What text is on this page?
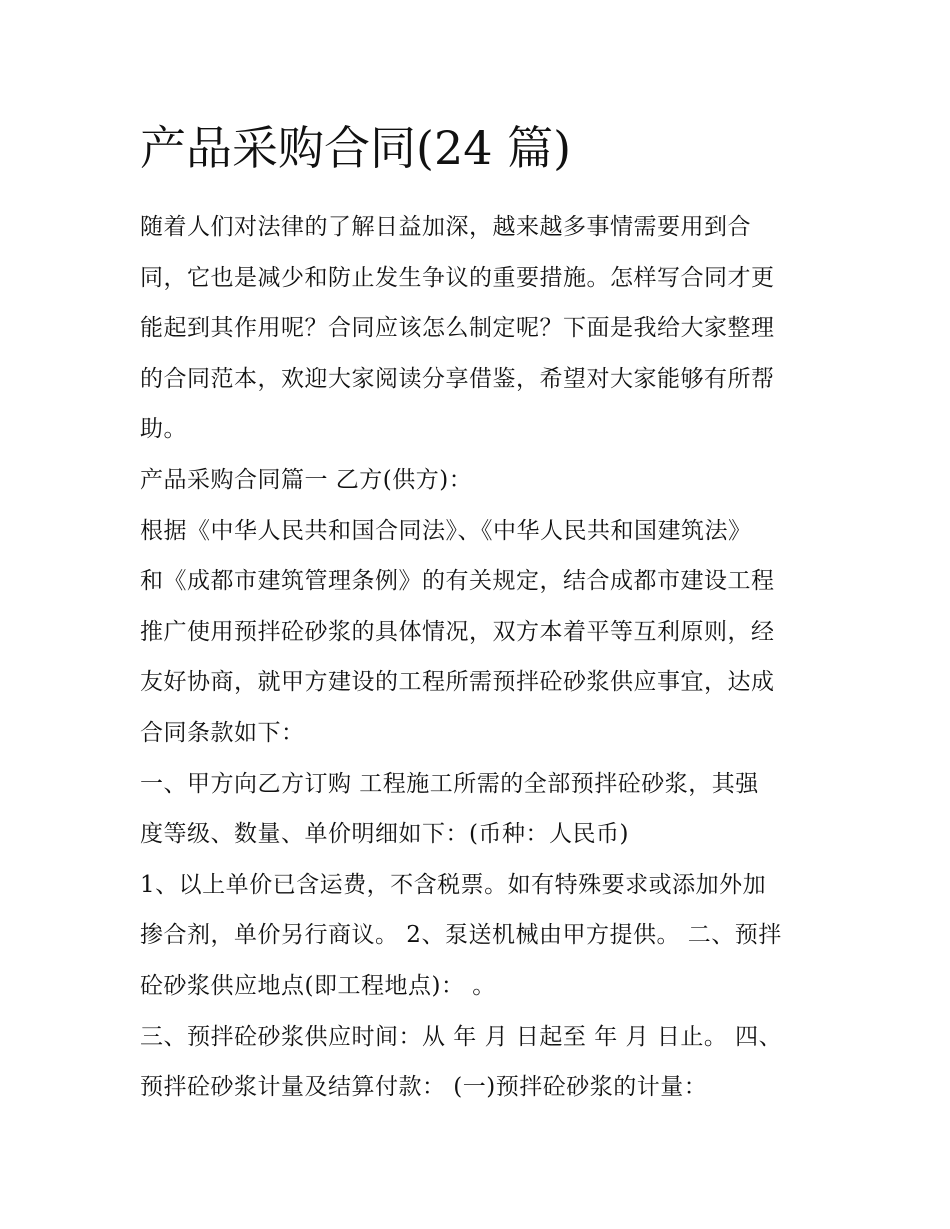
产品采购合同(24 篇)

随着人们对法律的了解日益加深，越来越多事情需要用到合
同，它也是减少和防止发生争议的重要措施。怎样写合同才更
能起到其作用呢？合同应该怎么制定呢？下面是我给大家整理
的合同范本，欢迎大家阅读分享借鉴，希望对大家能够有所帮
助。

产品采购合同篇一 乙方(供方)：

根据《中华人民共和国合同法》、《中华人民共和国建筑法》
和《成都市建筑管理条例》的有关规定，结合成都市建设工程
推广使用预拌砼砂浆的具体情况，双方本着平等互利原则，经
友好协商，就甲方建设的工程所需预拌砼砂浆供应事宜，达成
合同条款如下：

一、甲方向乙方订购 工程施工所需的全部预拌砼砂浆，其强
度等级、数量、单价明细如下：(币种：人民币)

1、以上单价已含运费，不含税票。如有特殊要求或添加外加
掺合剂，单价另行商议。 2、泵送机械由甲方提供。 二、预拌
砼砂浆供应地点(即工程地点)： 。

三、预拌砼砂浆供应时间：从 年 月 日起至 年 月 日止。 四、
预拌砼砂浆计量及结算付款： (一)预拌砼砂浆的计量：
